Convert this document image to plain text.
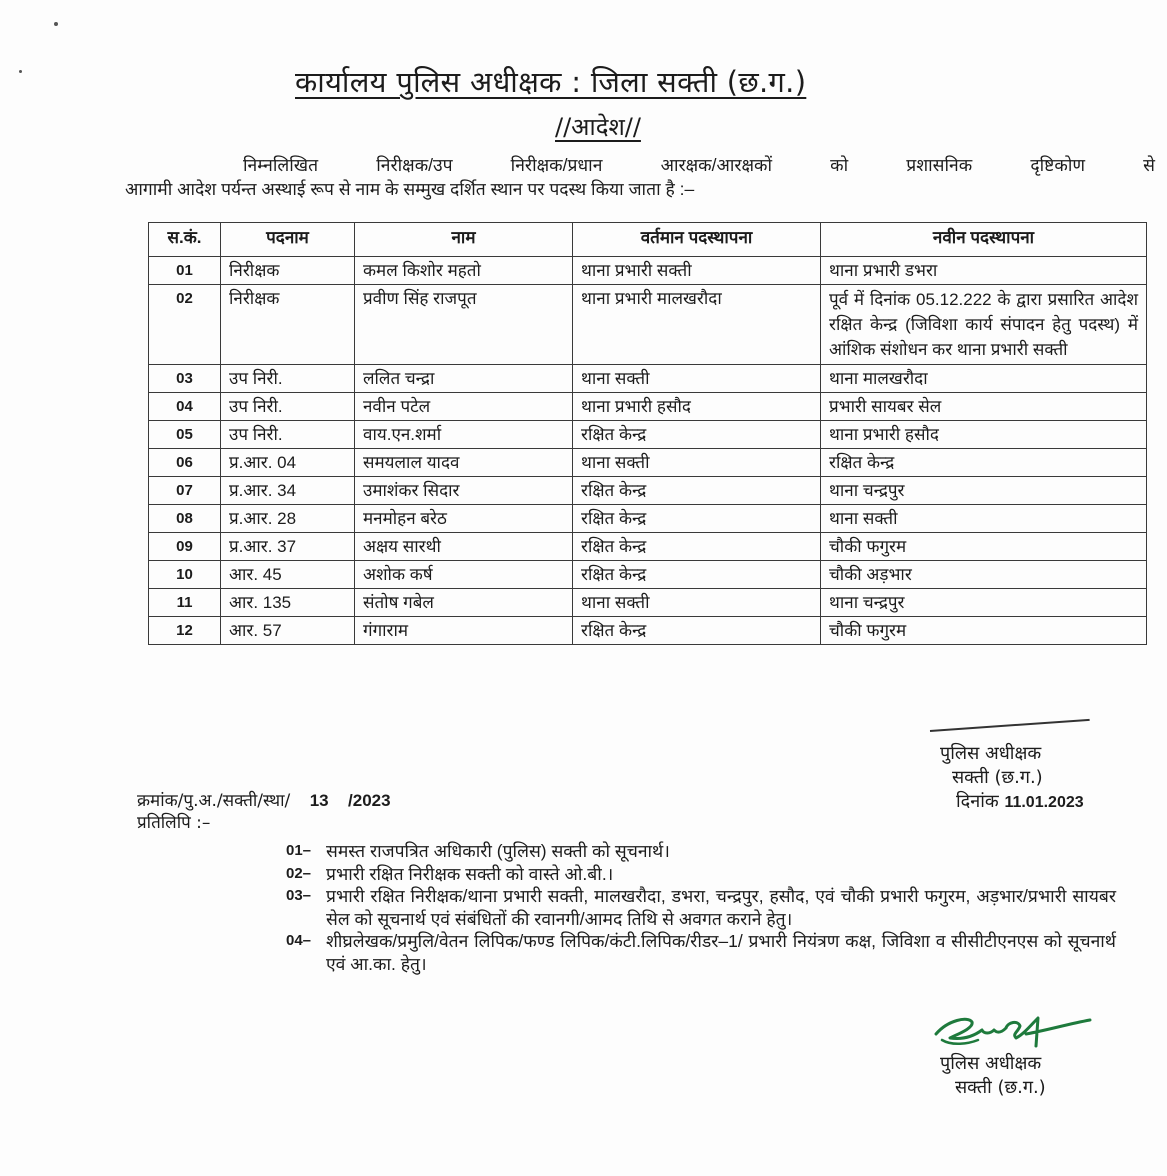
कार्यालय पुलिस अधीक्षक : जिला सक्ती (छ.ग.)
//आदेश//
निम्नलिखित निरीक्षक/उप निरीक्षक/प्रधान आरक्षक/आरक्षकों को प्रशासनिक दृष्टिकोण से
आगामी आदेश पर्यन्त अस्थाई रूप से नाम के सम्मुख दर्शित स्थान पर पदस्थ किया जाता है :–
स.कं.	पदनाम	नाम	वर्तमान पदस्थापना	नवीन पदस्थापना
01	निरीक्षक	कमल किशोर महतो	थाना प्रभारी सक्ती	थाना प्रभारी डभरा
02	निरीक्षक	प्रवीण सिंह राजपूत	थाना प्रभारी मालखरौदा	पूर्व में दिनांक 05.12.222 के द्वारा प्रसारित आदेश रक्षित केन्द्र (जिविशा कार्य संपादन हेतु पदस्थ) में आंशिक संशोधन कर थाना प्रभारी सक्ती
03	उप निरी.	ललित चन्द्रा	थाना सक्ती	थाना मालखरौदा
04	उप निरी.	नवीन पटेल	थाना प्रभारी हसौद	प्रभारी सायबर सेल
05	उप निरी.	वाय.एन.शर्मा	रक्षित केन्द्र	थाना प्रभारी हसौद
06	प्र.आर. 04	समयलाल यादव	थाना सक्ती	रक्षित केन्द्र
07	प्र.आर. 34	उमाशंकर सिदार	रक्षित केन्द्र	थाना चन्द्रपुर
08	प्र.आर. 28	मनमोहन बरेठ	रक्षित केन्द्र	थाना सक्ती
09	प्र.आर. 37	अक्षय सारथी	रक्षित केन्द्र	चौकी फगुरम
10	आर. 45	अशोक कर्ष	रक्षित केन्द्र	चौकी अड़भार
11	आर. 135	संतोष गबेल	थाना सक्ती	थाना चन्द्रपुर
12	आर. 57	गंगाराम	रक्षित केन्द्र	चौकी फगुरम
पुलिस अधीक्षक
सक्ती (छ.ग.)
दिनांक 11.01.2023
क्रमांक/पु.अ./सक्ती/स्था/ 13 /2023
प्रतिलिपि :–
01– समस्त राजपत्रित अधिकारी (पुलिस) सक्ती को सूचनार्थ।
02– प्रभारी रक्षित निरीक्षक सक्ती को वास्ते ओ.बी.।
03– प्रभारी रक्षित निरीक्षक/थाना प्रभारी सक्ती, मालखरौदा, डभरा, चन्द्रपुर, हसौद, एवं चौकी प्रभारी फगुरम, अड़भार/प्रभारी सायबर सेल को सूचनार्थ एवं संबंधितों की रवानगी/आमद तिथि से अवगत कराने हेतु।
04– शीघ्रलेखक/प्रमुलि/वेतन लिपिक/फण्ड लिपिक/कंटी.लिपिक/रीडर–1/ प्रभारी नियंत्रण कक्ष, जिविशा व सीसीटीएनएस को सूचनार्थ एवं आ.का. हेतु।
पुलिस अधीक्षक
सक्ती (छ.ग.)
